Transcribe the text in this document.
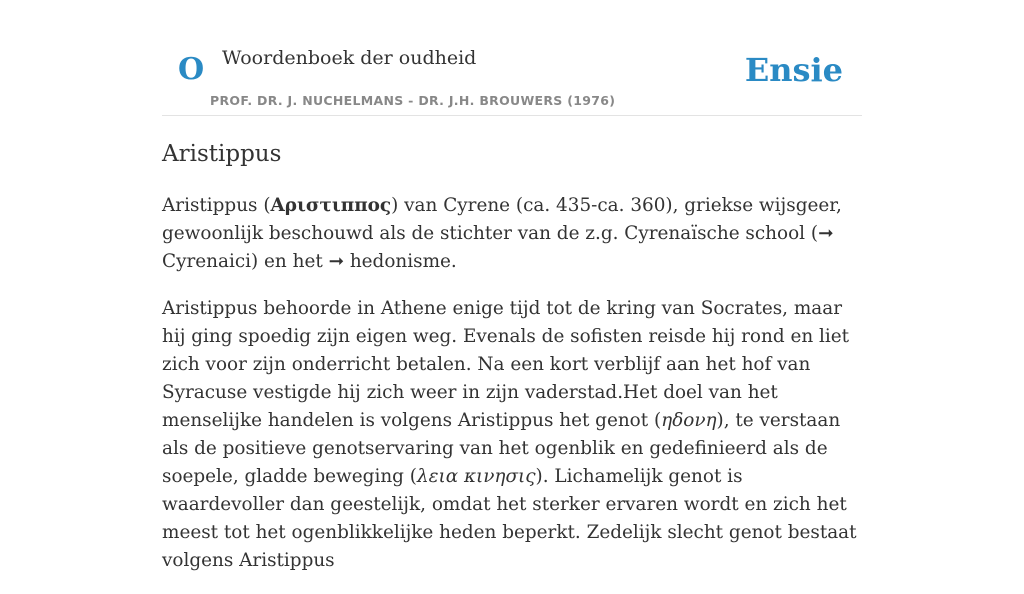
O Woordenboek der oudheid
PROF. DR. J. NUCHELMANS - DR. J.H. BROUWERS (1976)
Ensie
Aristippus

Aristippus (Αριστιππος) van Cyrene (ca. 435-ca. 360), griekse wijsgeer, gewoonlijk beschouwd als de stichter van de z.g. Cyrenaïsche school (➞ Cyrenaici) en het ➞ hedonisme.

Aristippus behoorde in Athene enige tijd tot de kring van Socrates, maar hij ging spoedig zijn eigen weg. Evenals de sofisten reisde hij rond en liet zich voor zijn onderricht betalen. Na een kort verblijf aan het hof van Syracuse vestigde hij zich weer in zijn vaderstad.Het doel van het menselijke handelen is volgens Aristippus het genot (ηδονη), te verstaan als de positieve genotservaring van het ogenblik en gedefinieerd als de soepele, gladde beweging (λεια κινησις). Lichamelijk genot is waardevoller dan geestelijk, omdat het sterker ervaren wordt en zich het meest tot het ogenblikkelijke heden beperkt. Zedelijk slecht genot bestaat volgens Aristippus
